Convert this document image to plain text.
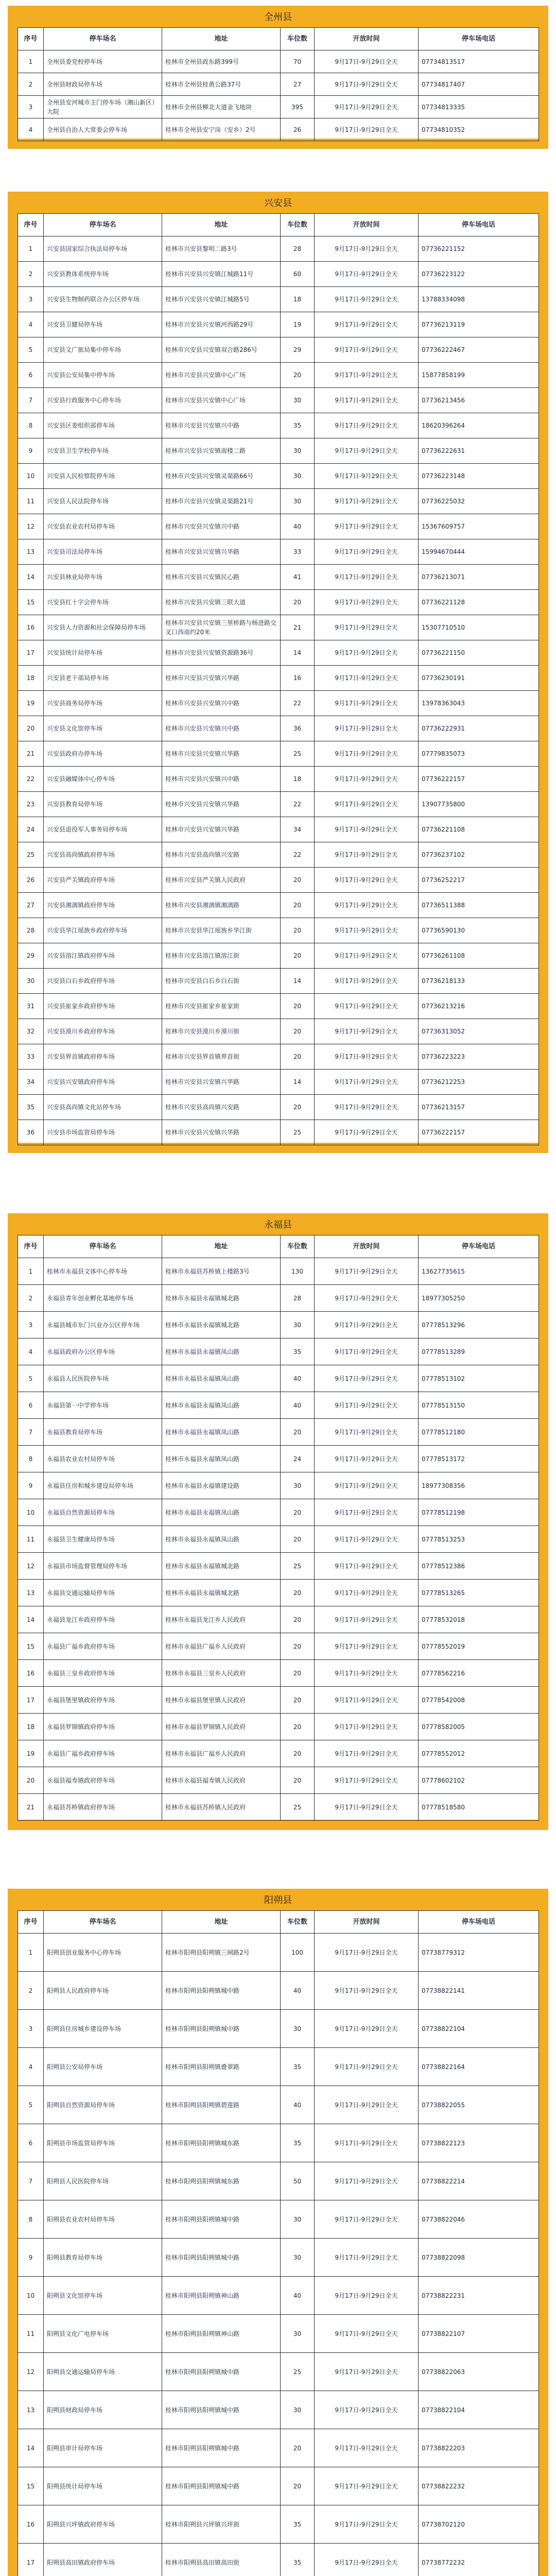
全州县
序号	停车场名	地址	车位数	开放时间	停车场电话
1	全州县委党校停车场	桂林市全州县政东路399号	70	9月17日-9月29日全天	07734813517
2	全州县财政局停车场	桂林市全州县桂黄公路37号	27	9月17日-9月29日全天	07734817407
3	全州县安河城市主门停车场（湘山新区）大院	桂林市全州县柳北大道金飞地块	395	9月17日-9月29日全天	07734813335
4	全州县自治人大常委会停车场	桂林市全州县安宁岗（安乡）2号	26	9月17日-9月29日全天	07734810352
兴安县
序号	停车场名	地址	车位数	开放时间	停车场电话
1	兴安县国家综合执法局停车场	桂林市兴安县黎明二路3号	28	9月17日-9月29日全天	07736221152
2	兴安县教体系统停车场	桂林市兴安县兴安镇江城路11号	60	9月17日-9月29日全天	07736223122
3	兴安县生物制药联合办公区停车场	桂林市兴安县兴安镇江城路5号	18	9月17日-9月29日全天	13788334098
4	兴安县卫健局停车场	桂林市兴安县兴安镇河西路29号	19	9月17日-9月29日全天	07736213119
5	兴安县文广旅局集中停车场	桂林市兴安县兴安镇双合路286号	29	9月17日-9月29日全天	07736222467
6	兴安县公安局集中停车场	桂林市兴安县兴安镇中心广场	20	9月17日-9月29日全天	15877858199
7	兴安县行政服务中心停车场	桂林市兴安县兴安镇中心广场	30	9月17日-9月29日全天	07736213456
8	兴安县区委组织部停车场	桂林市兴安县兴安镇兴中路	35	9月17日-9月29日全天	18620396264
9	兴安县卫生学校停车场	桂林市兴安县兴安镇南楼二路	30	9月17日-9月29日全天	07736222631
10	兴安县人民检察院停车场	桂林市兴安县兴安镇灵渠路66号	30	9月17日-9月29日全天	07736223148
11	兴安县人民法院停车场	桂林市兴安县兴安镇灵渠路21号	30	9月17日-9月29日全天	07736225032
12	兴安县农业农村局停车场	桂林市兴安县兴安镇兴中路	40	9月17日-9月29日全天	15367609757
13	兴安县司法局停车场	桂林市兴安县兴安镇兴华路	33	9月17日-9月29日全天	15994670444
14	兴安县林业局停车场	桂林市兴安县兴安镇民心路	41	9月17日-9月29日全天	07736213071
15	兴安县红十字会停车场	桂林市兴安县兴安镇三联大道	20	9月17日-9月29日全天	07736221128
16	兴安县人力资源和社会保障局停车场	桂林市兴安县兴安镇三里桥路与杨进路交叉口西南约20米	21	9月17日-9月29日全天	15307710510
17	兴安县统计局停车场	桂林市兴安县兴安镇资源路36号	14	9月17日-9月29日全天	07736221150
18	兴安县老干部局停车场	桂林市兴安县兴安镇兴华路	16	9月17日-9月29日全天	07736230191
19	兴安县商务局停车场	桂林市兴安县兴安镇兴中路	22	9月17日-9月29日全天	13978363043
20	兴安县文化馆停车场	桂林市兴安县兴安镇兴中路	36	9月17日-9月29日全天	07736222931
21	兴安县政府办停车场	桂林市兴安县兴安镇兴华路	25	9月17日-9月29日全天	07779835073
22	兴安县融媒体中心停车场	桂林市兴安县兴安镇兴中路	18	9月17日-9月29日全天	07736222157
23	兴安县教育局停车场	桂林市兴安县兴安镇兴华路	22	9月17日-9月29日全天	13907735800
24	兴安县退役军人事务局停车场	桂林市兴安县兴安镇兴华路	34	9月17日-9月29日全天	07736221108
25	兴安县高尚镇政府停车场	桂林市兴安县高尚镇兴安路	22	9月17日-9月29日全天	07736237102
26	兴安县严关镇政府停车场	桂林市兴安县严关镇人民政府	20	9月17日-9月29日全天	07736252217
27	兴安县湘漓镇政府停车场	桂林市兴安县湘漓镇湘漓路	20	9月17日-9月29日全天	07736511388
28	兴安县华江瑶族乡政府停车场	桂林市兴安县华江瑶族乡华江街	20	9月17日-9月29日全天	07736590130
29	兴安县溶江镇政府停车场	桂林市兴安县溶江镇溶江街	20	9月17日-9月29日全天	07736261108
30	兴安县白石乡政府停车场	桂林市兴安县白石乡白石街	14	9月17日-9月29日全天	07736218133
31	兴安县崔家乡政府停车场	桂林市兴安县崔家乡崔家街	20	9月17日-9月29日全天	07736213216
32	兴安县漠川乡政府停车场	桂林市兴安县漠川乡漠川街	20	9月17日-9月29日全天	07736313052
33	兴安县界首镇政府停车场	桂林市兴安县界首镇界首街	20	9月17日-9月29日全天	07736223223
34	兴安县兴安镇政府停车场	桂林市兴安县兴安镇兴华路	14	9月17日-9月29日全天	07736212253
35	兴安县高尚镇文化站停车场	桂林市兴安县高尚镇兴安路	20	9月17日-9月29日全天	07736213157
36	兴安县市场监管局停车场	桂林市兴安县兴安镇兴华路	25	9月17日-9月29日全天	07736222157
永福县
序号	停车场名	地址	车位数	开放时间	停车场电话
1	桂林市永福县文体中心停车场	桂林市永福县苏桥镇上楼路3号	130	9月17日-9月29日全天	13627735615
2	永福县青年创业孵化基地停车场	桂林市永福县永福镇城北路	28	9月17日-9月29日全天	18977305250
3	永福县城市东门兴业办公区停车场	桂林市永福县永福镇城北路	30	9月17日-9月29日全天	07778513296
4	永福县政府办公区停车场	桂林市永福县永福镇凤山路	35	9月17日-9月29日全天	07778513289
5	永福县人民医院停车场	桂林市永福县永福镇凤山路	40	9月17日-9月29日全天	07778513102
6	永福县第一中学停车场	桂林市永福县永福镇凤山路	40	9月17日-9月29日全天	07778513150
7	永福县教育局停车场	桂林市永福县永福镇凤山路	20	9月17日-9月29日全天	07778512180
8	永福县农业农村局停车场	桂林市永福县永福镇凤山路	24	9月17日-9月29日全天	07778513172
9	永福县住房和城乡建设局停车场	桂林市永福县永福镇建设路	30	9月17日-9月29日全天	18977308356
10	永福县自然资源局停车场	桂林市永福县永福镇凤山路	20	9月17日-9月29日全天	07778512198
11	永福县卫生健康局停车场	桂林市永福县永福镇凤山路	20	9月17日-9月29日全天	07778513253
12	永福县市场监督管理局停车场	桂林市永福县永福镇城北路	25	9月17日-9月29日全天	07778512386
13	永福县交通运输局停车场	桂林市永福县永福镇城北路	20	9月17日-9月29日全天	07778513265
14	永福县龙江乡政府停车场	桂林市永福县龙江乡人民政府	20	9月17日-9月29日全天	07778532018
15	永福县广福乡政府停车场	桂林市永福县广福乡人民政府	20	9月17日-9月29日全天	07778552019
16	永福县三皇乡政府停车场	桂林市永福县三皇乡人民政府	20	9月17日-9月29日全天	07778562216
17	永福县堡里镇政府停车场	桂林市永福县堡里镇人民政府	20	9月17日-9月29日全天	07778542008
18	永福县罗锦镇政府停车场	桂林市永福县罗锦镇人民政府	20	9月17日-9月29日全天	07778582005
19	永福县广福乡政府停车场	桂林市永福县广福乡人民政府	20	9月17日-9月29日全天	07778552012
20	永福县福寿镇政府停车场	桂林市永福县福寿镇人民政府	20	9月17日-9月29日全天	07778602102
21	永福县苏桥镇政府停车场	桂林市永福县苏桥镇人民政府	25	9月17日-9月29日全天	07778518580
阳朔县
序号	停车场名	地址	车位数	开放时间	停车场电话
1	阳朔县创业服务中心停车场	桂林市阳朔县阳朔镇三闸路2号	100	9月17日-9月29日全天	07738779312
2	阳朔县人民政府停车场	桂林市阳朔县阳朔镇城中路	40	9月17日-9月29日全天	07738822141
3	阳朔县住房城乡建设停车场	桂林市阳朔县阳朔镇城中路	30	9月17日-9月29日全天	07738822104
4	阳朔县公安局停车场	桂林市阳朔县阳朔镇叠翠路	35	9月17日-9月29日全天	07738822164
5	阳朔县自然资源局停车场	桂林市阳朔县阳朔镇碧莲路	40	9月17日-9月29日全天	07738822055
6	阳朔县市场监管局停车场	桂林市阳朔县阳朔镇城东路	35	9月17日-9月29日全天	07738822123
7	阳朔县人民医院停车场	桂林市阳朔县阳朔镇城东路	50	9月17日-9月29日全天	07738822214
8	阳朔县农业农村局停车场	桂林市阳朔县阳朔镇城中路	30	9月17日-9月29日全天	07738822046
9	阳朔县教育局停车场	桂林市阳朔县阳朔镇城中路	30	9月17日-9月29日全天	07738822098
10	阳朔县文化馆停车场	桂林市阳朔县阳朔镇神山路	40	9月17日-9月29日全天	07738822231
11	阳朔县文化广电停车场	桂林市阳朔县阳朔镇神山路	30	9月17日-9月29日全天	07738822107
12	阳朔县交通运输局停车场	桂林市阳朔县阳朔镇城中路	25	9月17日-9月29日全天	07738822063
13	阳朔县财政局停车场	桂林市阳朔县阳朔镇城中路	30	9月17日-9月29日全天	07738822104
14	阳朔县审计局停车场	桂林市阳朔县阳朔镇城中路	20	9月17日-9月29日全天	07738822203
15	阳朔县统计局停车场	桂林市阳朔县阳朔镇城中路	20	9月17日-9月29日全天	07738822232
16	阳朔县兴坪镇政府停车场	桂林市阳朔县兴坪镇兴坪街	35	9月17日-9月29日全天	07738702120
17	阳朔县高田镇政府停车场	桂林市阳朔县高田镇高田街	35	9月17日-9月29日全天	07738772232
